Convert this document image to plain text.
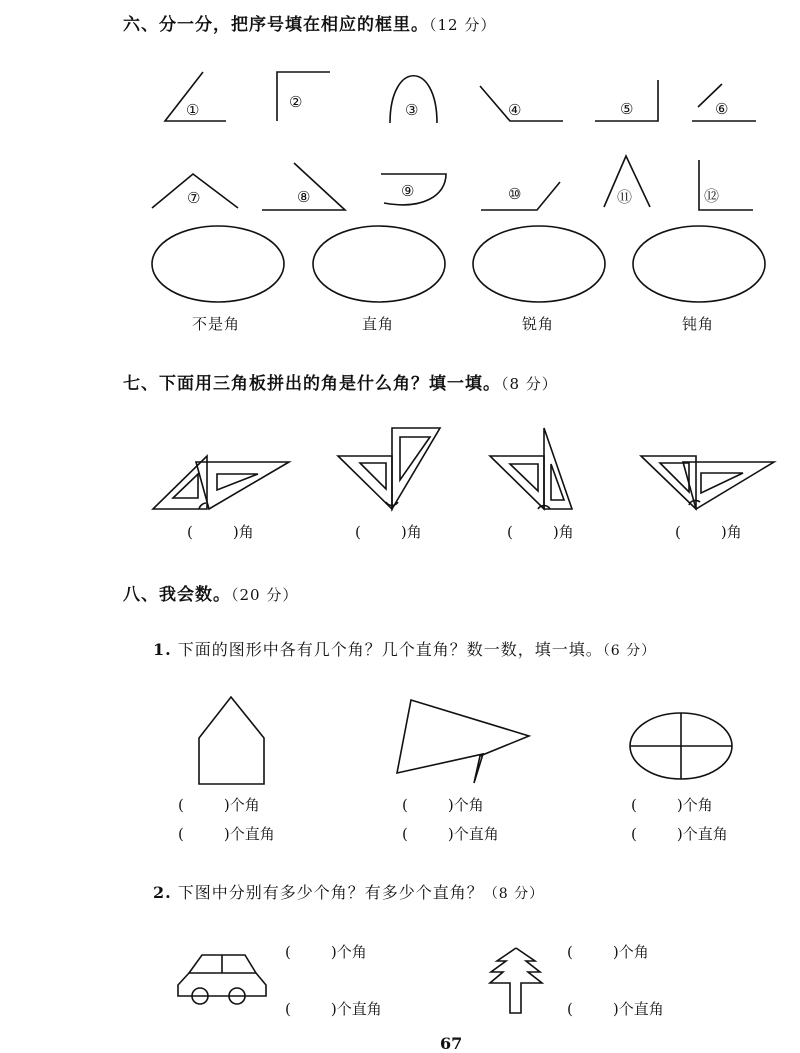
六、分一分，把序号填在相应的框里。（12 分）
①	②	③	④	⑤	⑥
⑦	⑧	⑨	⑩	⑪	⑫
不是角	直角	锐角	钝角
七、下面用三角板拼出的角是什么角？填一填。（8 分）
(	)角	(	)角	(	)角	(	)角
八、我会数。（20 分）
1. 下面的图形中各有几个角？几个直角？数一数，填一填。（6 分）
(	)个角
(	)个直角
(	)个角
(	)个直角
(	)个角
(	)个直角
2. 下图中分别有多少个角？有多少个直角？（8 分）
(	)个角
(	)个直角
(	)个角
(	)个直角
67
